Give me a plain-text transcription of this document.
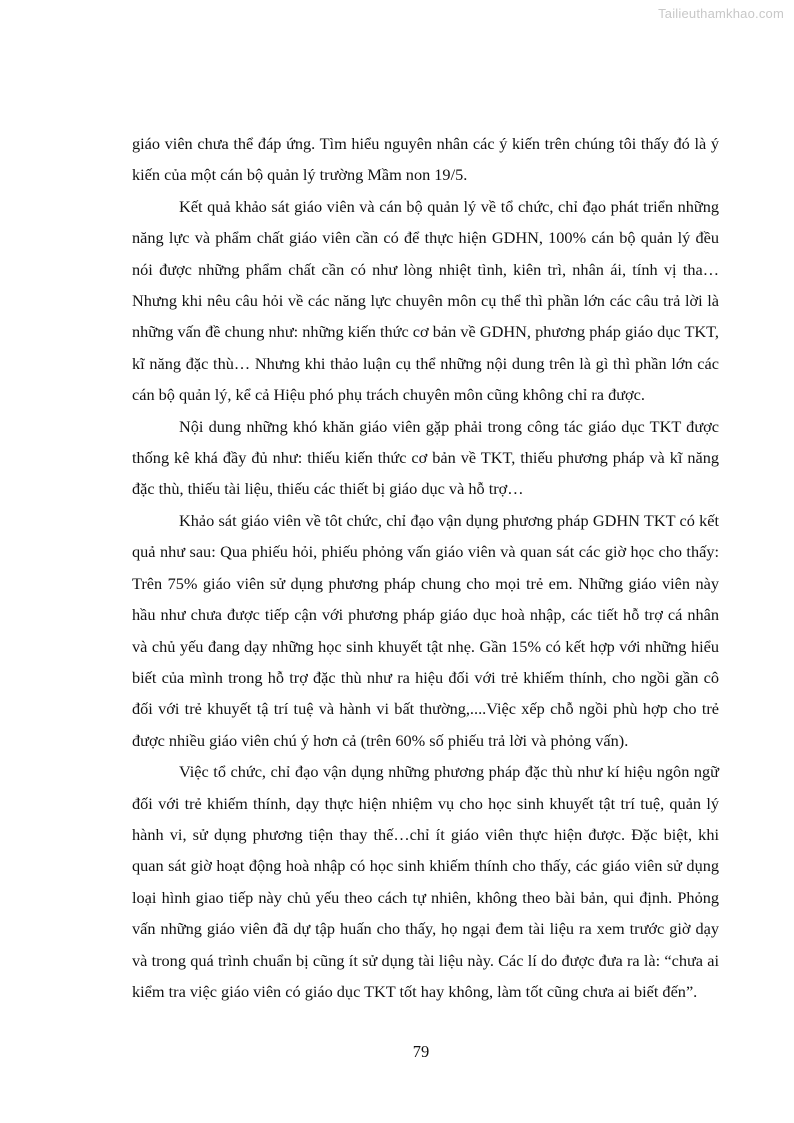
Tailieuthamkhao.com

giáo viên chưa thể đáp ứng. Tìm hiểu nguyên nhân các ý kiến trên chúng tôi thấy đó là ý kiến của một cán bộ quản lý trường Mầm non 19/5.

Kết quả khảo sát giáo viên và cán bộ quản lý về tổ chức, chỉ đạo phát triển những năng lực và phẩm chất giáo viên cần có để thực hiện GDHN, 100% cán bộ quản lý đều nói được những phẩm chất cần có như lòng nhiệt tình, kiên trì, nhân ái, tính vị tha…Nhưng khi nêu câu hỏi về các năng lực chuyên môn cụ thể thì phần lớn các câu trả lời là những vấn đề chung như: những kiến thức cơ bản về GDHN, phương pháp giáo dục TKT, kĩ năng đặc thù… Nhưng khi thảo luận cụ thể những nội dung trên là gì thì phần lớn các cán bộ quản lý, kể cả Hiệu phó phụ trách chuyên môn cũng không chỉ ra được.

Nội dung những khó khăn giáo viên gặp phải trong công tác giáo dục TKT được thống kê khá đầy đủ như: thiếu kiến thức cơ bản về TKT, thiếu phương pháp và kĩ năng đặc thù, thiếu tài liệu, thiếu các thiết bị giáo dục và hỗ trợ…

Khảo sát giáo viên về tôt chức, chỉ đạo vận dụng phương pháp GDHN TKT có kết quả như sau: Qua phiếu hỏi, phiếu phỏng vấn giáo viên và quan sát các giờ học cho thấy: Trên 75% giáo viên sử dụng phương pháp chung cho mọi trẻ em. Những giáo viên này hầu như chưa được tiếp cận với phương pháp giáo dục hoà nhập, các tiết hỗ trợ cá nhân và chủ yếu đang dạy những học sinh khuyết tật nhẹ. Gần 15% có kết hợp với những hiểu biết của mình trong hỗ trợ đặc thù như ra hiệu đối với trẻ khiếm thính, cho ngồi gần cô đối với trẻ khuyết tậ trí tuệ và hành vi bất thường,....Việc xếp chỗ ngồi phù hợp cho trẻ được nhiều giáo viên chú ý hơn cả (trên 60% số phiếu trả lời và phỏng vấn).

Việc tổ chức, chỉ đạo vận dụng những phương pháp đặc thù như kí hiệu ngôn ngữ đối với trẻ khiếm thính, dạy thực hiện nhiệm vụ cho học sinh khuyết tật trí tuệ, quản lý hành vi, sử dụng phương tiện thay thế…chỉ ít giáo viên thực hiện được. Đặc biệt, khi quan sát giờ hoạt động hoà nhập có học sinh khiếm thính cho thấy, các giáo viên sử dụng loại hình giao tiếp này chủ yếu theo cách tự nhiên, không theo bài bản, qui định. Phỏng vấn những giáo viên đã dự tập huấn cho thấy, họ ngại đem tài liệu ra xem trước giờ dạy và trong quá trình chuẩn bị cũng ít sử dụng tài liệu này. Các lí do được đưa ra là: “chưa ai kiểm tra việc giáo viên có giáo dục TKT tốt hay không, làm tốt cũng chưa ai biết đến”.

79
